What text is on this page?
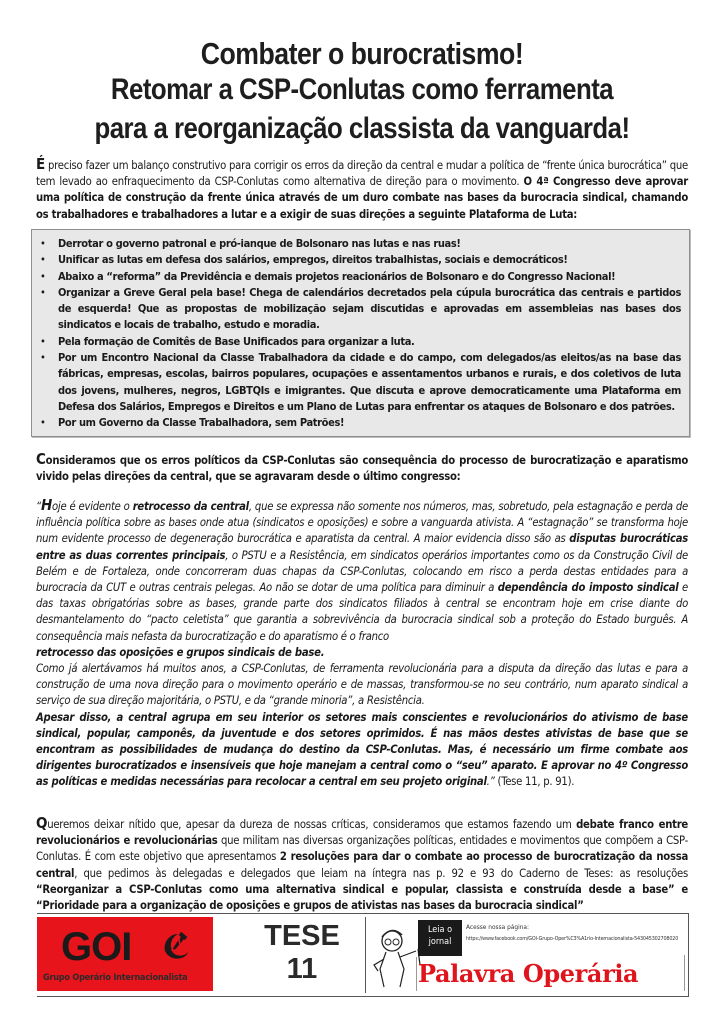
Combater o burocratismo!
Retomar a CSP-Conlutas como ferramenta
para a reorganização classista da vanguarda!
É preciso fazer um balanço construtivo para corrigir os erros da direção da central e mudar a política de “frente única burocrática” que tem levado ao enfraquecimento da CSP-Conlutas como alternativa de direção para o movimento. O 4ª Congresso deve aprovar uma política de construção da frente única através de um duro combate nas bases da burocracia sindical, chamando os trabalhadores e trabalhadores a lutar e a exigir de suas direções a seguinte Plataforma de Luta:
• Derrotar o governo patronal e pró-ianque de Bolsonaro nas lutas e nas ruas!
• Unificar as lutas em defesa dos salários, empregos, direitos trabalhistas, sociais e democráticos!
• Abaixo a “reforma” da Previdência e demais projetos reacionários de Bolsonaro e do Congresso Nacional!
• Organizar a Greve Geral pela base! Chega de calendários decretados pela cúpula burocrática das centrais e partidos de esquerda! Que as propostas de mobilização sejam discutidas e aprovadas em assembleias nas bases dos sindicatos e locais de trabalho, estudo e moradia.
• Pela formação de Comitês de Base Unificados para organizar a luta.
• Por um Encontro Nacional da Classe Trabalhadora da cidade e do campo, com delegados/as eleitos/as na base das fábricas, empresas, escolas, bairros populares, ocupações e assentamentos urbanos e rurais, e dos coletivos de luta dos jovens, mulheres, negros, LGBTQIs e imigrantes. Que discuta e aprove democraticamente uma Plataforma em Defesa dos Salários, Empregos e Direitos e um Plano de Lutas para enfrentar os ataques de Bolsonaro e dos patrões.
• Por um Governo da Classe Trabalhadora, sem Patrões!
Consideramos que os erros políticos da CSP-Conlutas são consequência do processo de burocratização e aparatismo vivido pelas direções da central, que se agravaram desde o último congresso:
“Hoje é evidente o retrocesso da central, que se expressa não somente nos números, mas, sobretudo, pela estagnação e perda de influência política sobre as bases onde atua (sindicatos e oposições) e sobre a vanguarda ativista. A “estagnação” se transforma hoje num evidente processo de degeneração burocrática e aparatista da central. A maior evidencia disso são as disputas burocráticas entre as duas correntes principais, o PSTU e a Resistência, em sindicatos operários importantes como os da Construção Civil de Belém e de Fortaleza, onde concorreram duas chapas da CSP-Conlutas, colocando em risco a perda destas entidades para a burocracia da CUT e outras centrais pelegas. Ao não se dotar de uma política para diminuir a dependência do imposto sindical e das taxas obrigatórias sobre as bases, grande parte dos sindicatos filiados à central se encontram hoje em crise diante do desmantelamento do “pacto celetista” que garantia a sobrevivência da burocracia sindical sob a proteção do Estado burguês. A consequência mais nefasta da burocratização e do aparatismo é o franco
retrocesso das oposições e grupos sindicais de base.
Como já alertávamos há muitos anos, a CSP-Conlutas, de ferramenta revolucionária para a disputa da direção das lutas e para a construção de uma nova direção para o movimento operário e de massas, transformou-se no seu contrário, num aparato sindical a serviço de sua direção majoritária, o PSTU, e da “grande minoria”, a Resistência.
Apesar disso, a central agrupa em seu interior os setores mais conscientes e revolucionários do ativismo de base sindical, popular, camponês, da juventude e dos setores oprimidos. É nas mãos destes ativistas de base que se encontram as possibilidades de mudança do destino da CSP-Conlutas. Mas, é necessário um firme combate aos dirigentes burocratizados e insensíveis que hoje manejam a central como o “seu” aparato. E aprovar no 4º Congresso as políticas e medidas necessárias para recolocar a central em seu projeto original.” (Tese 11, p. 91).
Queremos deixar nítido que, apesar da dureza de nossas críticas, consideramos que estamos fazendo um debate franco entre revolucionários e revolucionárias que militam nas diversas organizações políticas, entidades e movimentos que compõem a CSP-Conlutas. É com este objetivo que apresentamos 2 resoluções para dar o combate ao processo de burocratização da nossa central, que pedimos às delegadas e delegados que leiam na íntegra nas p. 92 e 93 do Caderno de Teses: as resoluções “Reorganizar a CSP-Conlutas como uma alternativa sindical e popular, classista e construída desde a base” e “Prioridade para a organização de oposições e grupos de ativistas nas bases da burocracia sindical”
GOI
Grupo Operário Internacionalista
TESE
11
Leia o
jornal
Acesse nossa página:
https://www.facebook.com/GOI-Grupo-Oper%C3%A1rio-Internacionalista-543045302708020
Palavra Operária
